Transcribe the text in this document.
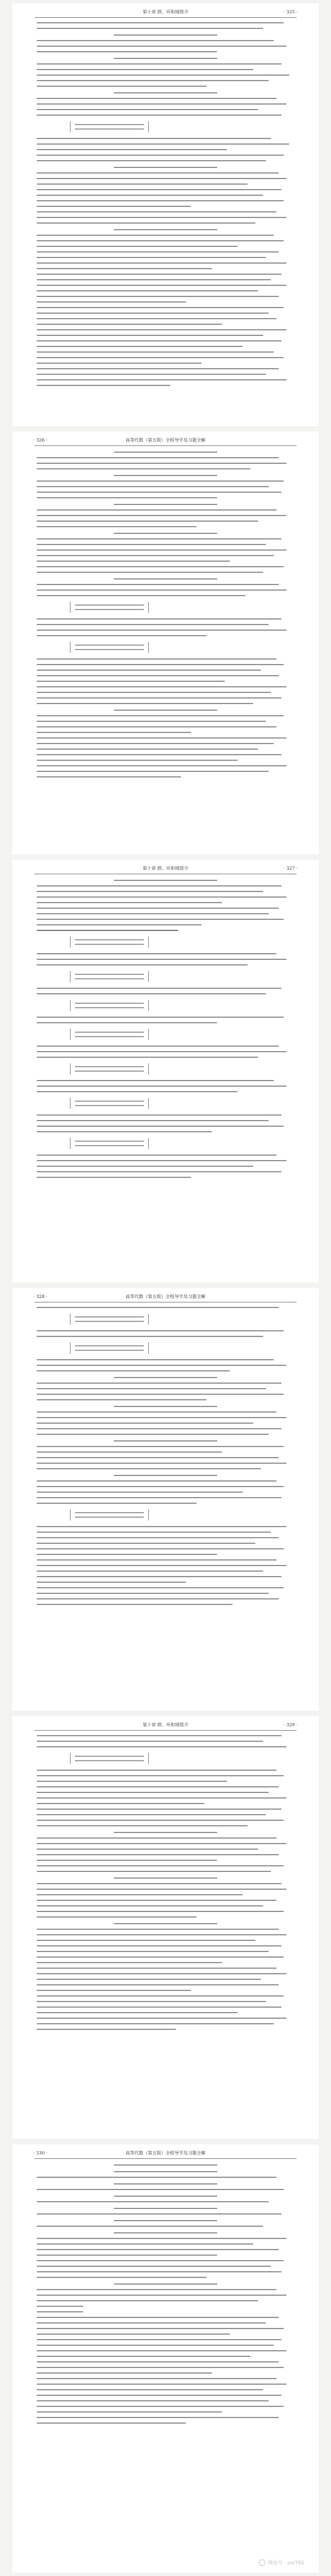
第十章 群、环和域简介	· 325 ·
· 326 ·	高等代数（第五版）全程导学及习题全解
第十章 群、环和域简介	· 327 ·
· 328 ·	高等代数（第五版）全程导学及习题全解
第十章 群、环和域简介	· 329 ·
· 330 ·	高等代数（第五版）全程导学及习题全解
图虫号 · sn/781
